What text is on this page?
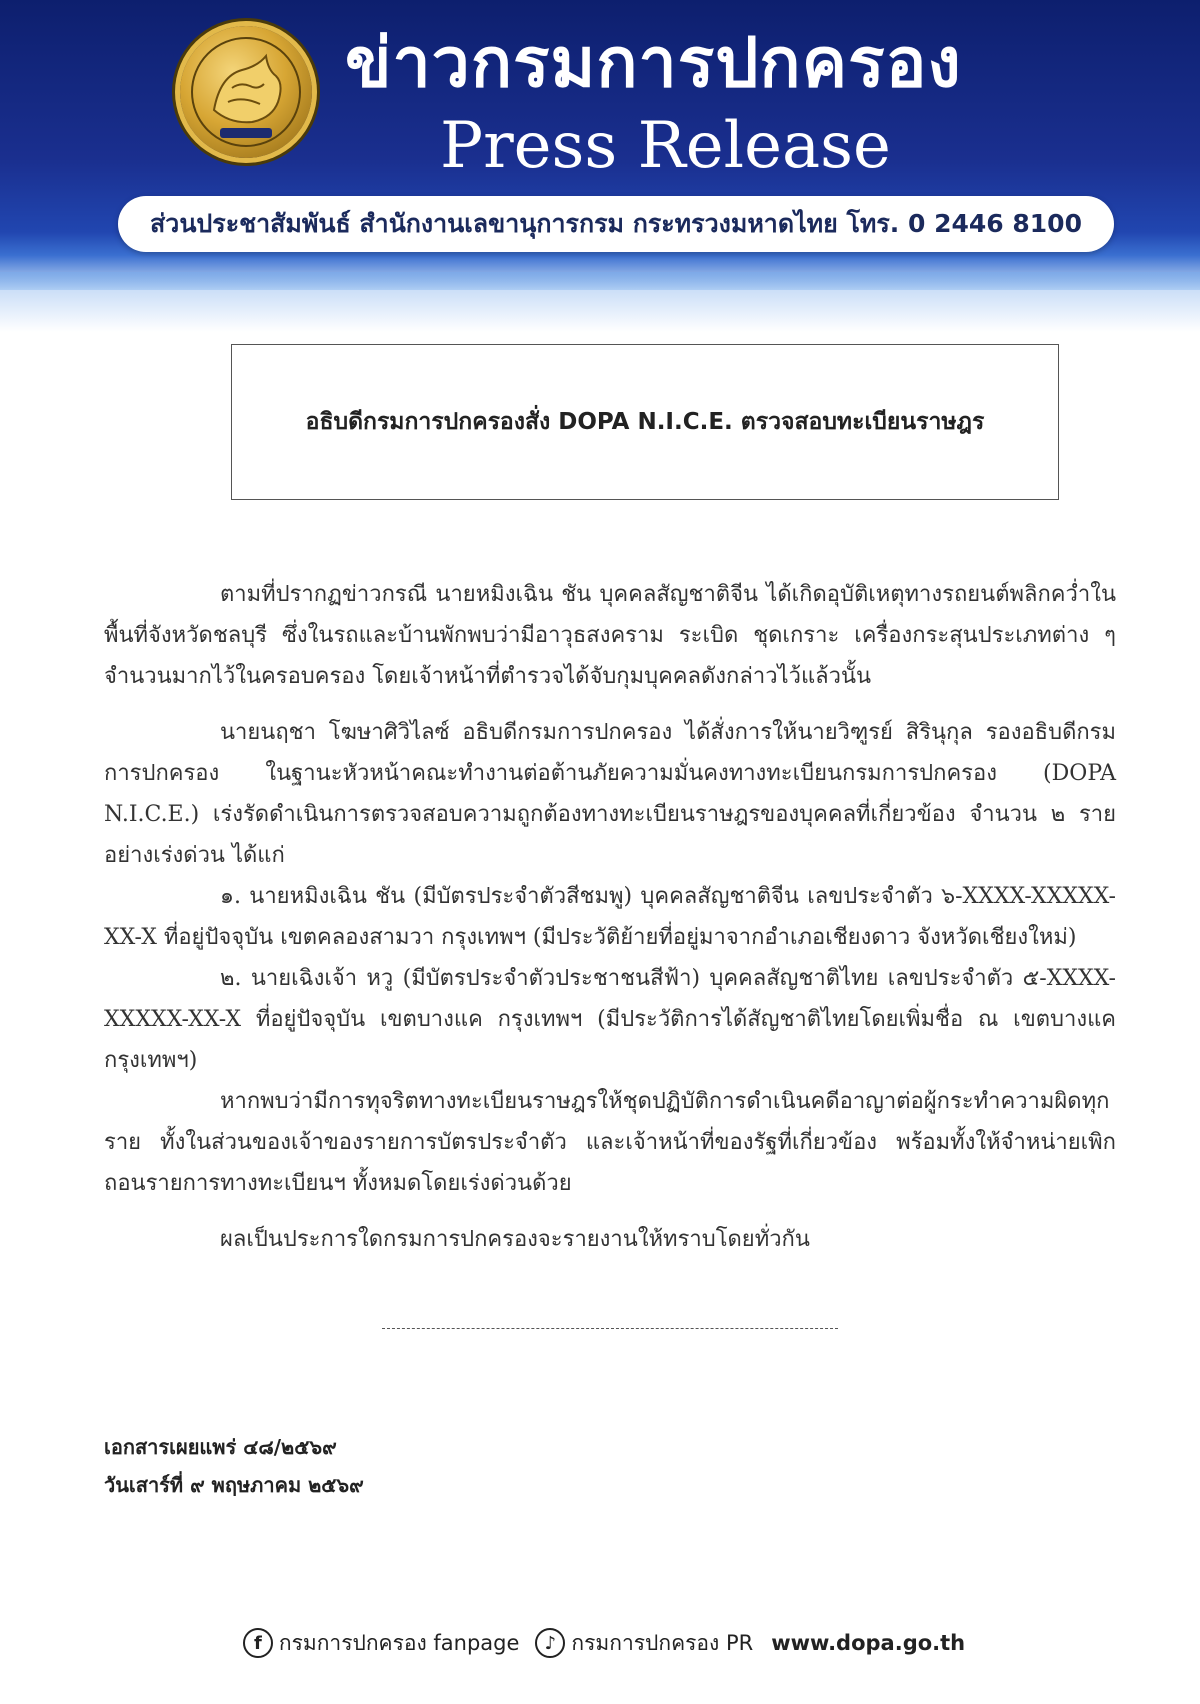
ข่าวกรมการปกครอง
Press Release
ส่วนประชาสัมพันธ์ สำนักงานเลขานุการกรม กระทรวงมหาดไทย โทร. 0 2446 8100
อธิบดีกรมการปกครองสั่ง DOPA N.I.C.E. ตรวจสอบทะเบียนราษฎร

ตามที่ปรากฏข่าวกรณี นายหมิงเฉิน ชัน บุคคลสัญชาติจีน ได้เกิดอุบัติเหตุทางรถยนต์พลิกคว่ำในพื้นที่จังหวัดชลบุรี ซึ่งในรถและบ้านพักพบว่ามีอาวุธสงคราม ระเบิด ชุดเกราะ เครื่องกระสุนประเภทต่าง ๆ จำนวนมากไว้ในครอบครอง โดยเจ้าหน้าที่ตำรวจได้จับกุมบุคคลดังกล่าวไว้แล้วนั้น

นายนฤชา โฆษาศิวิไลซ์ อธิบดีกรมการปกครอง ได้สั่งการให้นายวิฑูรย์ สิรินุกุล รองอธิบดีกรมการปกครอง ในฐานะหัวหน้าคณะทำงานต่อต้านภัยความมั่นคงทางทะเบียนกรมการปกครอง (DOPA N.I.C.E.) เร่งรัดดำเนินการตรวจสอบความถูกต้องทางทะเบียนราษฎรของบุคคลที่เกี่ยวข้อง จำนวน ๒ ราย อย่างเร่งด่วน ได้แก่

๑. นายหมิงเฉิน ชัน (มีบัตรประจำตัวสีชมพู) บุคคลสัญชาติจีน เลขประจำตัว ๖-XXXX-XXXXX-XX-X ที่อยู่ปัจจุบัน เขตคลองสามวา กรุงเทพฯ (มีประวัติย้ายที่อยู่มาจากอำเภอเชียงดาว จังหวัดเชียงใหม่)

๒. นายเฉิงเจ้า หวู (มีบัตรประจำตัวประชาชนสีฟ้า) บุคคลสัญชาติไทย เลขประจำตัว ๕-XXXX-XXXXX-XX-X ที่อยู่ปัจจุบัน เขตบางแค กรุงเทพฯ (มีประวัติการได้สัญชาติไทยโดยเพิ่มชื่อ ณ เขตบางแค กรุงเทพฯ)

หากพบว่ามีการทุจริตทางทะเบียนราษฎรให้ชุดปฏิบัติการดำเนินคดีอาญาต่อผู้กระทำความผิดทุกราย ทั้งในส่วนของเจ้าของรายการบัตรประจำตัว และเจ้าหน้าที่ของรัฐที่เกี่ยวข้อง พร้อมทั้งให้จำหน่ายเพิกถอนรายการทางทะเบียนฯ ทั้งหมดโดยเร่งด่วนด้วย

ผลเป็นประการใดกรมการปกครองจะรายงานให้ทราบโดยทั่วกัน

เอกสารเผยแพร่ ๔๘/๒๕๖๙
วันเสาร์ที่ ๙ พฤษภาคม ๒๕๖๙
f กรมการปกครอง fanpage	♪ กรมการปกครอง PR www.dopa.go.th
